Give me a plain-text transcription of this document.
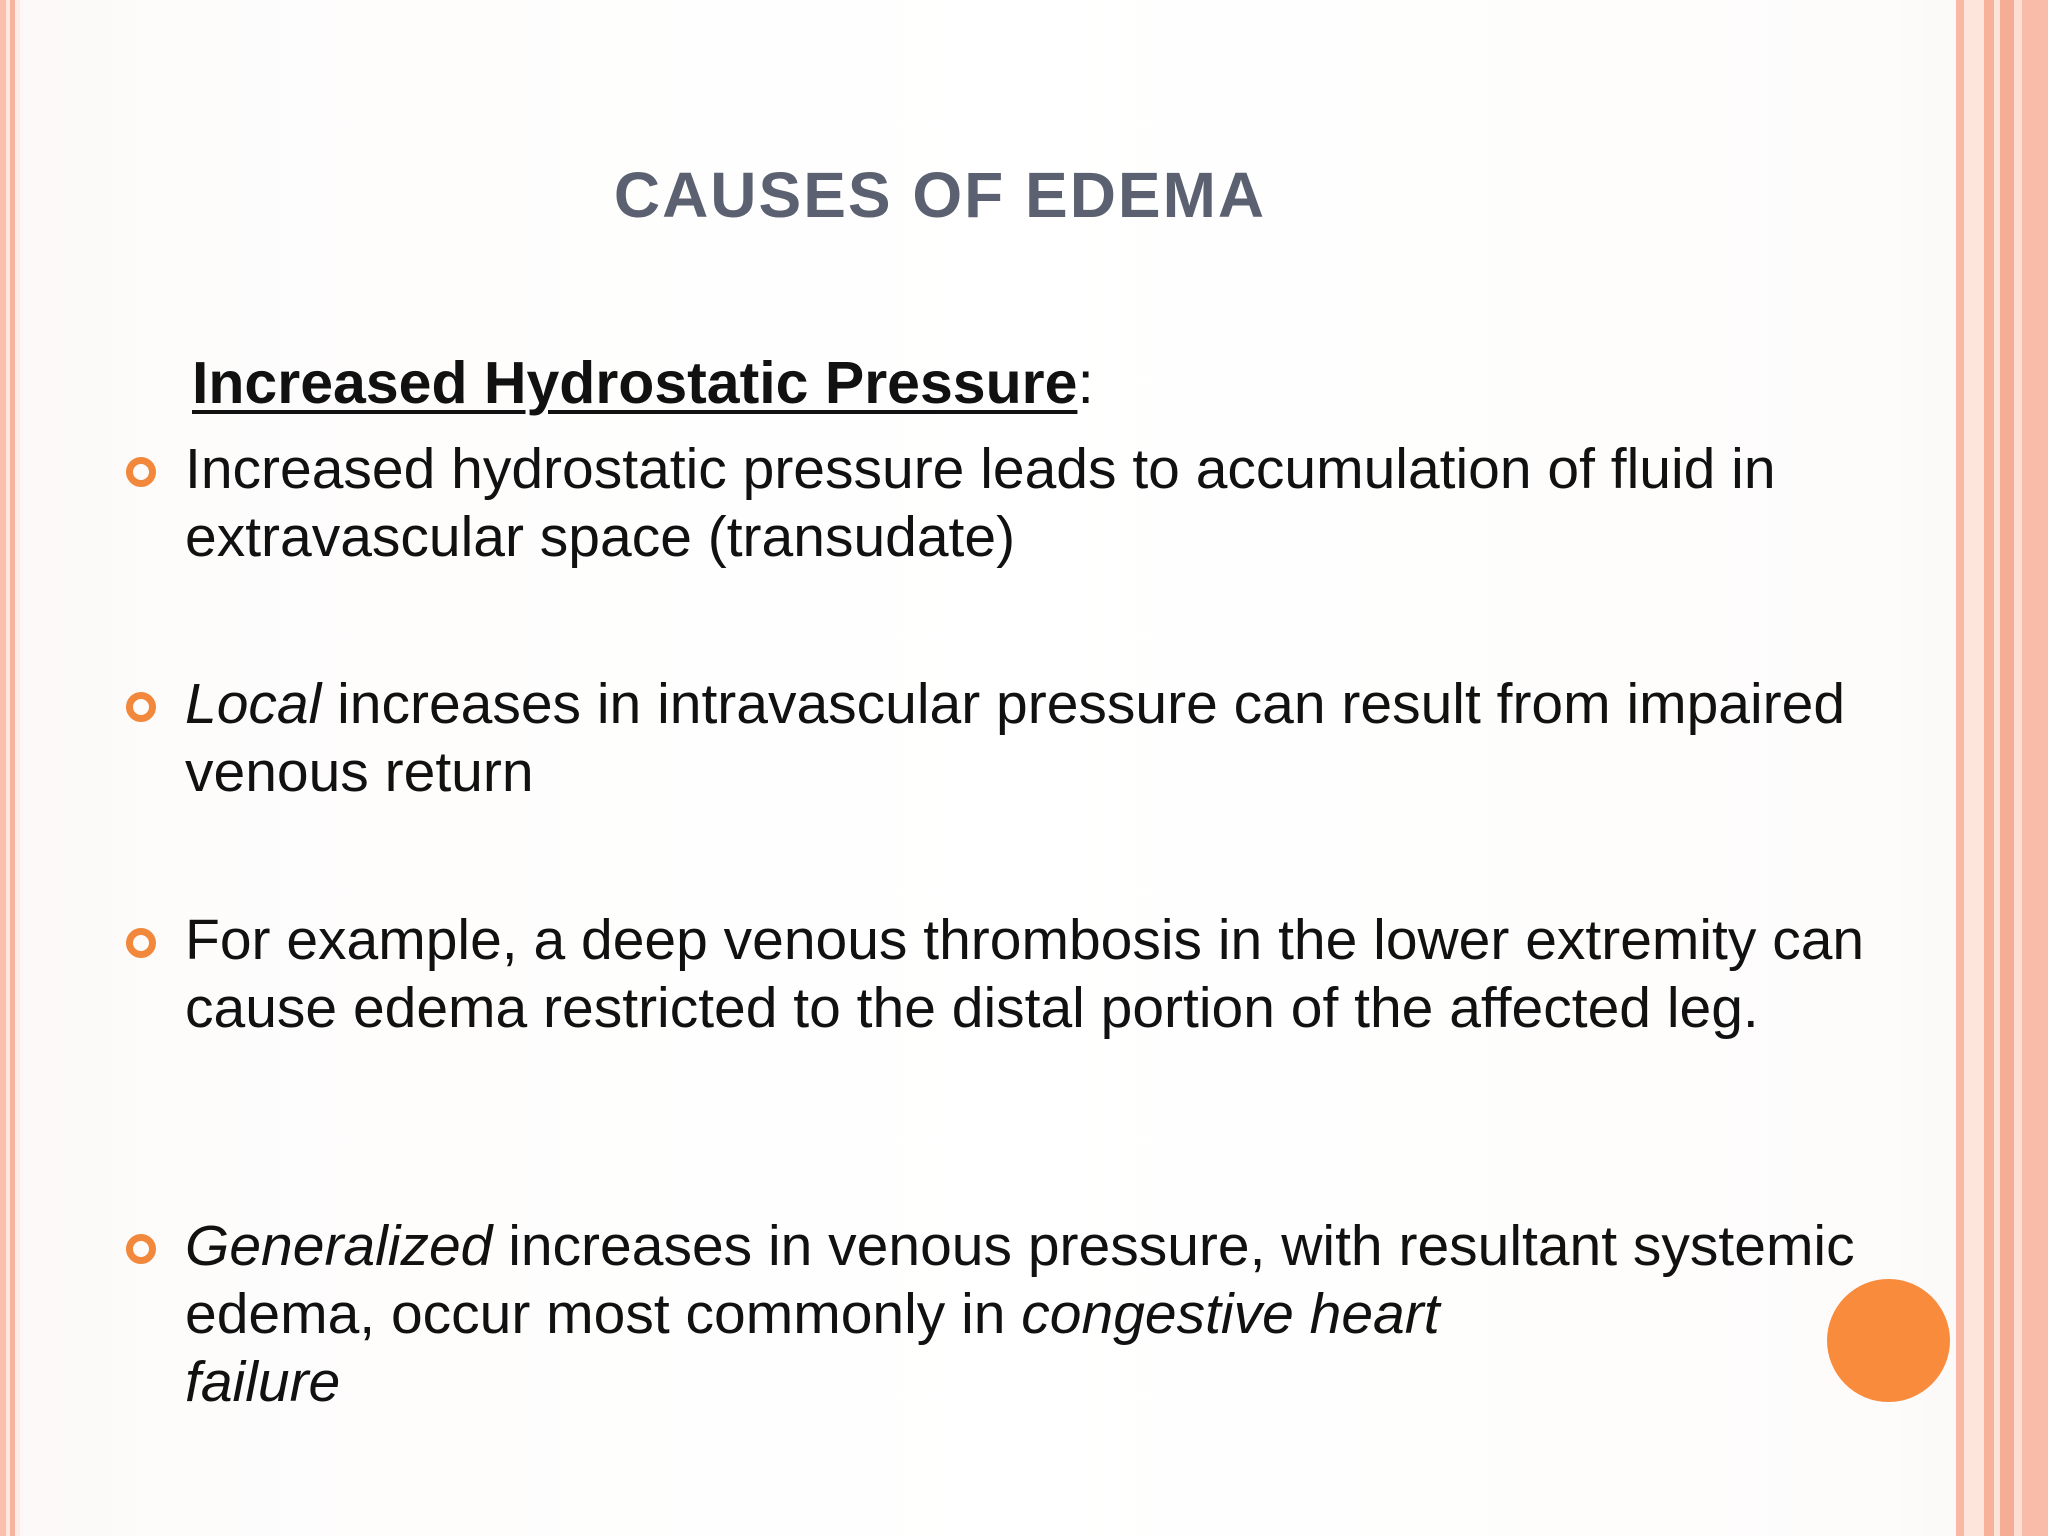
CAUSES OF EDEMA

Increased Hydrostatic Pressure:

Increased hydrostatic pressure leads to accumulation of fluid in extravascular space (transudate)

Local increases in intravascular pressure can result from impaired venous return

For example, a deep venous thrombosis in the lower extremity can cause edema restricted to the distal portion of the affected leg.

Generalized increases in venous pressure, with resultant systemic edema, occur most commonly in congestive heart
failure
